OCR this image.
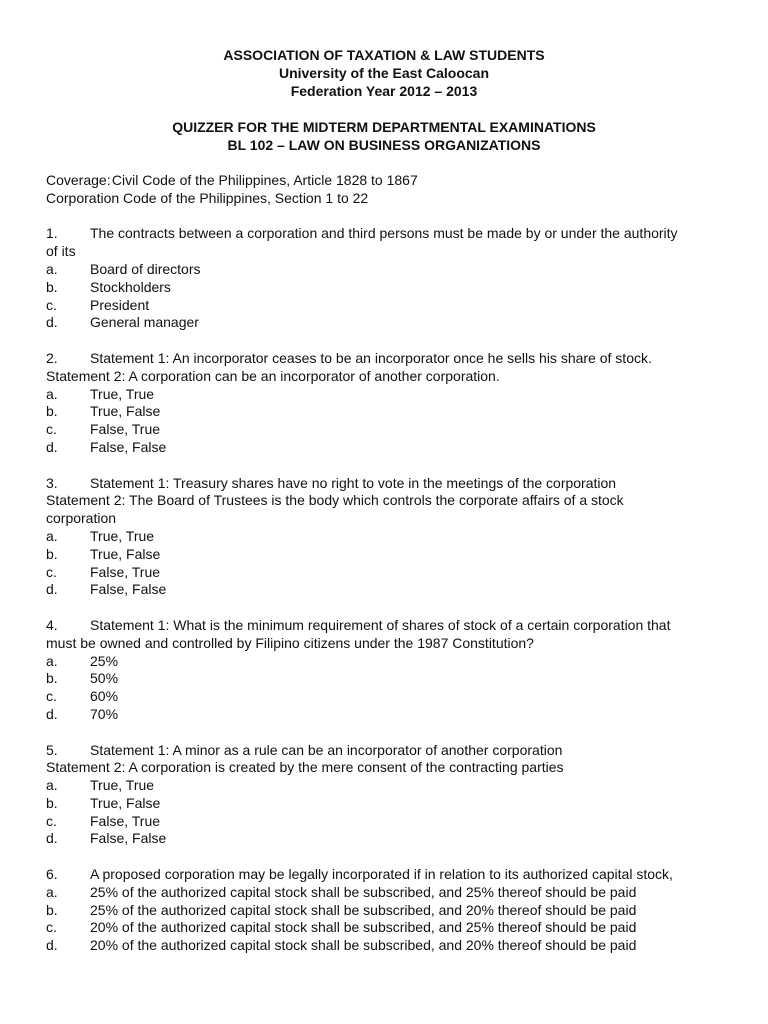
ASSOCIATION OF TAXATION & LAW STUDENTS
University of the East Caloocan
Federation Year 2012 – 2013
QUIZZER FOR THE MIDTERM DEPARTMENTAL EXAMINATIONS
BL 102 – LAW ON BUSINESS ORGANIZATIONS
Coverage: Civil Code of the Philippines, Article 1828 to 1867
Corporation Code of the Philippines, Section 1 to 22
1. The contracts between a corporation and third persons must be made by or under the authority
of its
a. Board of directors
b. Stockholders
c. President
d. General manager
2. Statement 1: An incorporator ceases to be an incorporator once he sells his share of stock.
Statement 2: A corporation can be an incorporator of another corporation.
a. True, True
b. True, False
c. False, True
d. False, False
3. Statement 1: Treasury shares have no right to vote in the meetings of the corporation
Statement 2: The Board of Trustees is the body which controls the corporate affairs of a stock
corporation
a. True, True
b. True, False
c. False, True
d. False, False
4. Statement 1: What is the minimum requirement of shares of stock of a certain corporation that
must be owned and controlled by Filipino citizens under the 1987 Constitution?
a. 25%
b. 50%
c. 60%
d. 70%
5. Statement 1: A minor as a rule can be an incorporator of another corporation
Statement 2: A corporation is created by the mere consent of the contracting parties
a. True, True
b. True, False
c. False, True
d. False, False
6. A proposed corporation may be legally incorporated if in relation to its authorized capital stock,
a. 25% of the authorized capital stock shall be subscribed, and 25% thereof should be paid
b. 25% of the authorized capital stock shall be subscribed, and 20% thereof should be paid
c. 20% of the authorized capital stock shall be subscribed, and 25% thereof should be paid
d. 20% of the authorized capital stock shall be subscribed, and 20% thereof should be paid
